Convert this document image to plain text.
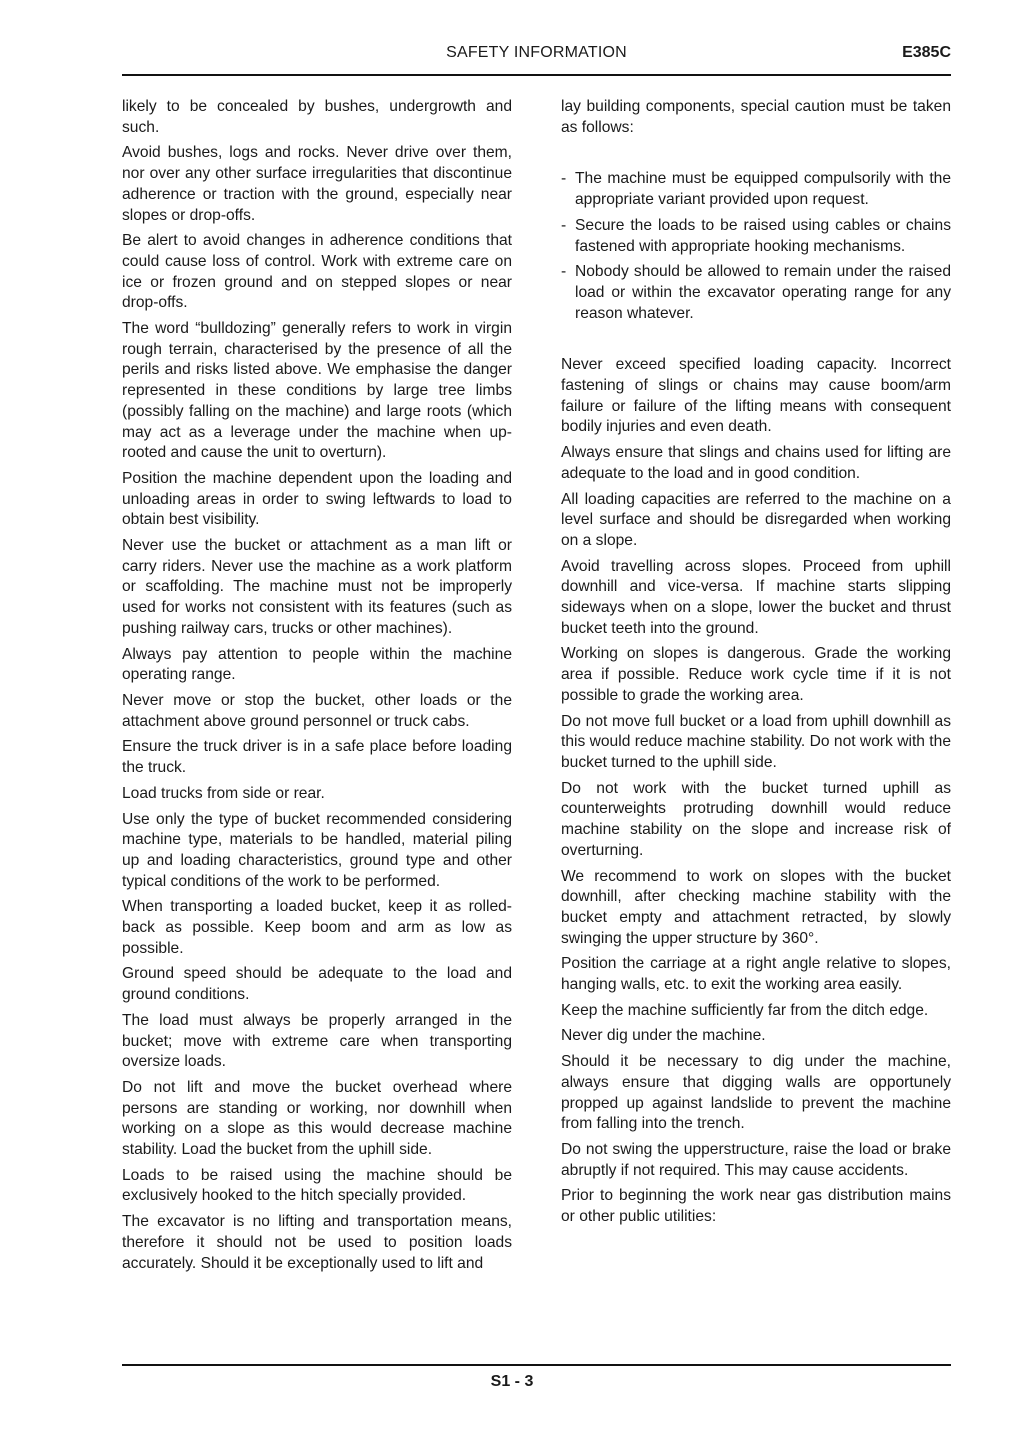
SAFETY INFORMATION	E385C

likely to be concealed by bushes, undergrowth and such.

Avoid bushes, logs and rocks. Never drive over them, nor over any other surface irregularities that discontinue adherence or traction with the ground, especially near slopes or drop-offs.

Be alert to avoid changes in adherence conditions that could cause loss of control. Work with extreme care on ice or frozen ground and on stepped slopes or near drop-offs.

The word “bulldozing” generally refers to work in virgin rough terrain, characterised by the presence of all the perils and risks listed above. We emphasise the danger represented in these conditions by large tree limbs (possibly falling on the machine) and large roots (which may act as a leverage under the machine when up-rooted and cause the unit to overturn).

Position the machine dependent upon the loading and unloading areas in order to swing leftwards to load to obtain best visibility.

Never use the bucket or attachment as a man lift or carry riders. Never use the machine as a work platform or scaffolding. The machine must not be improperly used for works not consistent with its features (such as pushing railway cars, trucks or other machines).

Always pay attention to people within the machine operating range.

Never move or stop the bucket, other loads or the attachment above ground personnel or truck cabs.

Ensure the truck driver is in a safe place before loading the truck.

Load trucks from side or rear.

Use only the type of bucket recommended considering machine type, materials to be handled, material piling up and loading characteristics, ground type and other typical conditions of the work to be performed.

When transporting a loaded bucket, keep it as rolled-back as possible. Keep boom and arm as low as possible.

Ground speed should be adequate to the load and ground conditions.

The load must always be properly arranged in the bucket; move with extreme care when transporting oversize loads.

Do not lift and move the bucket overhead where persons are standing or working, nor downhill when working on a slope as this would decrease machine stability. Load the bucket from the uphill side.

Loads to be raised using the machine should be exclusively hooked to the hitch specially provided.

The excavator is no lifting and transportation means, therefore it should not be used to position loads accurately. Should it be exceptionally used to lift and

lay building components, special caution must be taken as follows:

- The machine must be equipped compulsorily with the appropriate variant provided upon request.
- Secure the loads to be raised using cables or chains fastened with appropriate hooking mechanisms.
- Nobody should be allowed to remain under the raised load or within the excavator operating range for any reason whatever.

Never exceed specified loading capacity. Incorrect fastening of slings or chains may cause boom/arm failure or failure of the lifting means with consequent bodily injuries and even death.

Always ensure that slings and chains used for lifting are adequate to the load and in good condition.

All loading capacities are referred to the machine on a level surface and should be disregarded when working on a slope.

Avoid travelling across slopes. Proceed from uphill downhill and vice-versa. If machine starts slipping sideways when on a slope, lower the bucket and thrust bucket teeth into the ground.

Working on slopes is dangerous. Grade the working area if possible. Reduce work cycle time if it is not possible to grade the working area.

Do not move full bucket or a load from uphill downhill as this would reduce machine stability. Do not work with the bucket turned to the uphill side.

Do not work with the bucket turned uphill as counterweights protruding downhill would reduce machine stability on the slope and increase risk of overturning.

We recommend to work on slopes with the bucket downhill, after checking machine stability with the bucket empty and attachment retracted, by slowly swinging the upper structure by 360°.

Position the carriage at a right angle relative to slopes, hanging walls, etc. to exit the working area easily.

Keep the machine sufficiently far from the ditch edge.

Never dig under the machine.

Should it be necessary to dig under the machine, always ensure that digging walls are opportunely propped up against landslide to prevent the machine from falling into the trench.

Do not swing the upperstructure, raise the load or brake abruptly if not required. This may cause accidents.

Prior to beginning the work near gas distribution mains or other public utilities:

S1 - 3
